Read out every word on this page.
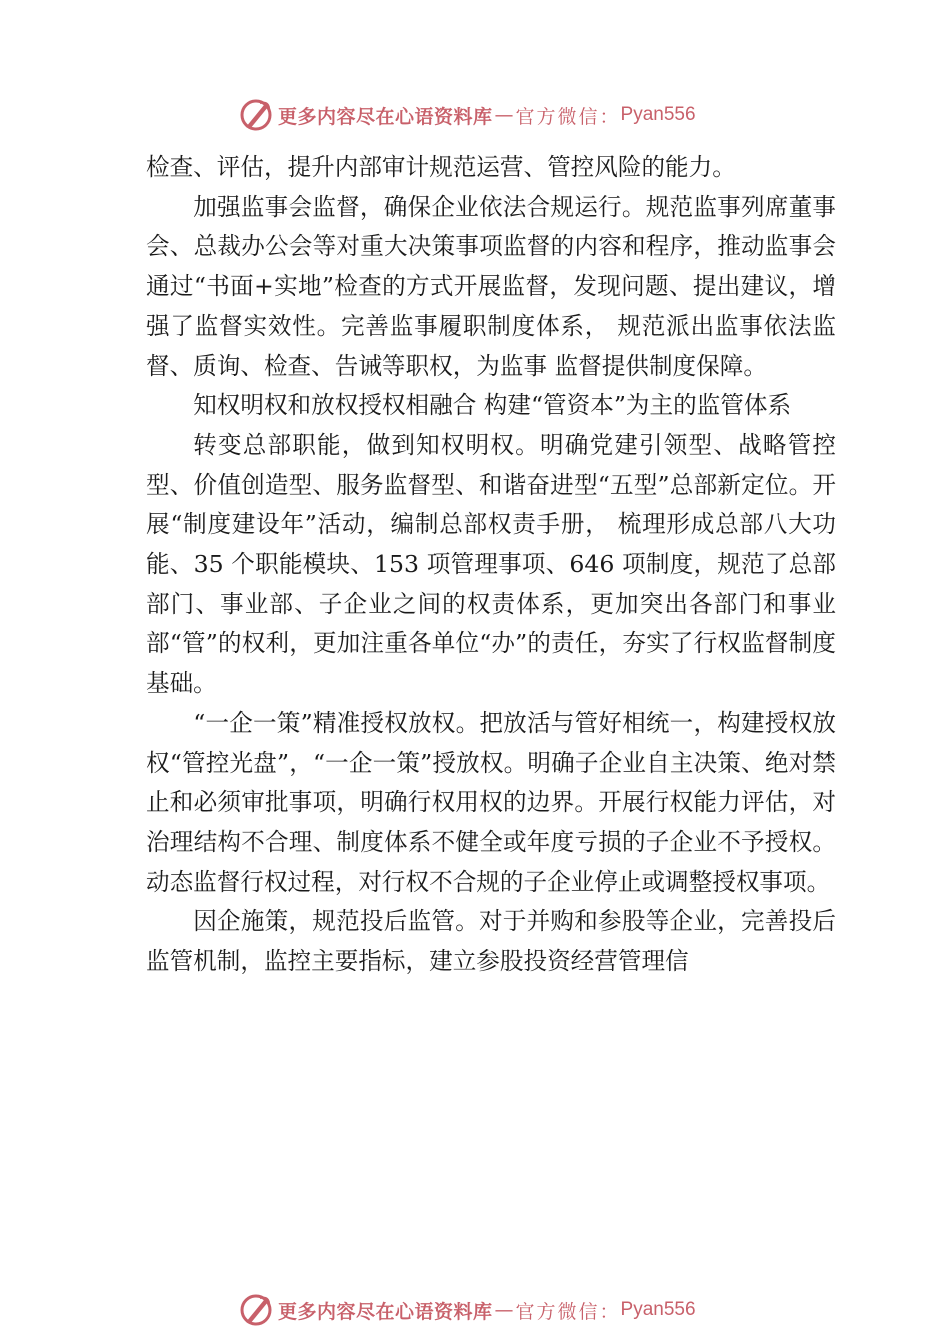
更多内容尽在心语资料库 — 官方微信： Pyan556

检查、评估，提升内部审计规范运营、管控风险的能力。

加强监事会监督，确保企业依法合规运行。规范监事列席董事会、总裁办公会等对重大决策事项监督的内容和程序，推动监事会通过“书面+实地”检查的方式开展监督，发现问题、提出建议，增强了监督实效性。完善监事履职制度体系， 规范派出监事依法监督、质询、检查、告诫等职权，为监事 监督提供制度保障。

知权明权和放权授权相融合 构建“管资本”为主的监管体系

转变总部职能，做到知权明权。明确党建引领型、战略管控型、价值创造型、服务监督型、和谐奋进型“五型”总部新定位。开展“制度建设年”活动，编制总部权责手册， 梳理形成总部八大功能、35 个职能模块、153 项管理事项、646 项制度，规范了总部部门、事业部、子企业之间的权责体系，更加突出各部门和事业部“管”的权利，更加注重各单位“办”的责任，夯实了行权监督制度基础。

“一企一策”精准授权放权。把放活与管好相统一，构建授权放权“管控光盘”，“一企一策”授放权。明确子企业自主决策、绝对禁止和必须审批事项，明确行权用权的边界。开展行权能力评估，对治理结构不合理、制度体系不健全或年度亏损的子企业不予授权。动态监督行权过程，对行权不合规的子企业停止或调整授权事项。

因企施策，规范投后监管。对于并购和参股等企业，完善投后监管机制，监控主要指标，建立参股投资经营管理信

更多内容尽在心语资料库 — 官方微信： Pyan556
